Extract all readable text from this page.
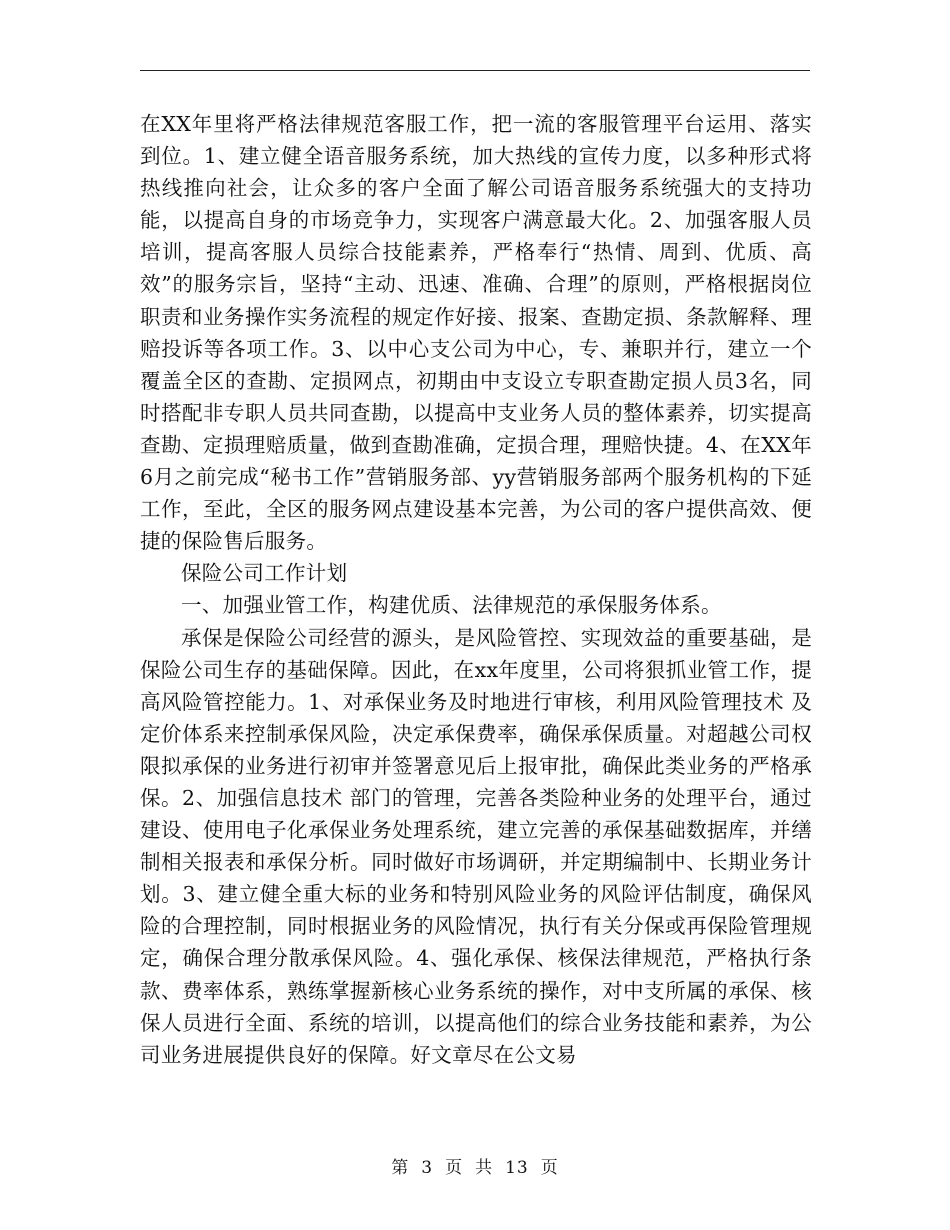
在XX年里将严格法律规范客服工作，把一流的客服管理平台运用、落实到位。1、建立健全语音服务系统，加大热线的宣传力度，以多种形式将热线推向社会，让众多的客户全面了解公司语音服务系统强大的支持功能，以提高自身的市场竞争力，实现客户满意最大化。2、加强客服人员培训，提高客服人员综合技能素养，严格奉行“热情、周到、优质、高效”的服务宗旨，坚持“主动、迅速、准确、合理”的原则，严格根据岗位职责和业务操作实务流程的规定作好接、报案、查勘定损、条款解释、理赔投诉等各项工作。3、以中心支公司为中心，专、兼职并行，建立一个覆盖全区的查勘、定损网点，初期由中支设立专职查勘定损人员3名，同时搭配非专职人员共同查勘，以提高中支业务人员的整体素养，切实提高查勘、定损理赔质量，做到查勘准确，定损合理，理赔快捷。4、在XX年6月之前完成“秘书工作”营销服务部、yy营销服务部两个服务机构的下延工作，至此，全区的服务网点建设基本完善，为公司的客户提供高效、便捷的保险售后服务。

保险公司工作计划

一、加强业管工作，构建优质、法律规范的承保服务体系。

承保是保险公司经营的源头，是风险管控、实现效益的重要基础，是保险公司生存的基础保障。因此，在xx年度里，公司将狠抓业管工作，提高风险管控能力。1、对承保业务及时地进行审核，利用风险管理技术 及定价体系来控制承保风险，决定承保费率，确保承保质量。对超越公司权限拟承保的业务进行初审并签署意见后上报审批，确保此类业务的严格承保。2、加强信息技术 部门的管理，完善各类险种业务的处理平台，通过建设、使用电子化承保业务处理系统，建立完善的承保基础数据库，并缮制相关报表和承保分析。同时做好市场调研，并定期编制中、长期业务计划。3、建立健全重大标的业务和特别风险业务的风险评估制度，确保风险的合理控制，同时根据业务的风险情况，执行有关分保或再保险管理规定，确保合理分散承保风险。4、强化承保、核保法律规范，严格执行条款、费率体系，熟练掌握新核心业务系统的操作，对中支所属的承保、核保人员进行全面、系统的培训，以提高他们的综合业务技能和素养，为公司业务进展提供良好的保障。好文章尽在公文易

第 3 页 共 13 页
